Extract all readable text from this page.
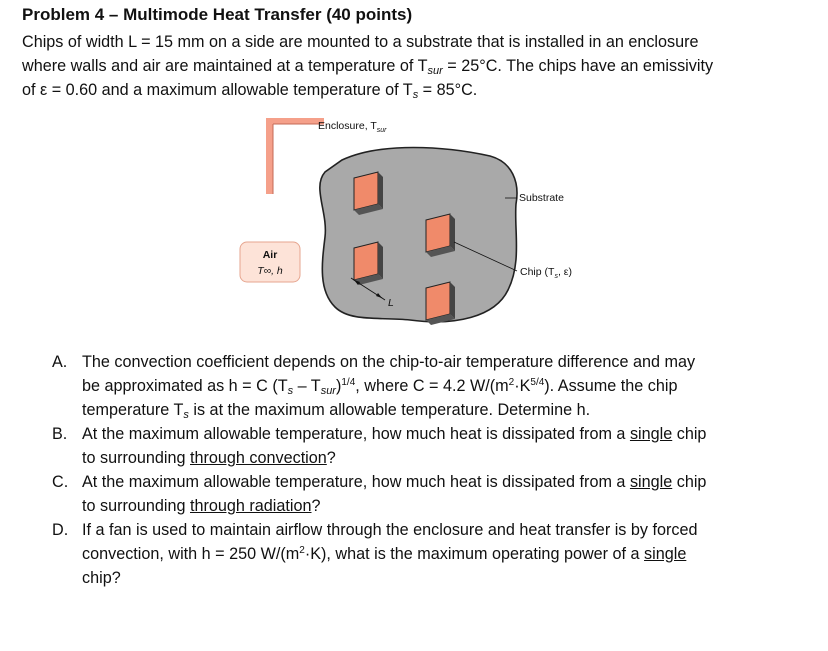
Problem 4 – Multimode Heat Transfer (40 points)
Chips of width L = 15 mm on a side are mounted to a substrate that is installed in an enclosure
where walls and air are maintained at a temperature of $T_{sur} = 25^\circ C$. The chips have an emissivity
of ε = 0.60 and a maximum allowable temperature of $T_s = 85^\circ C$.
Enclosure, $T_{sur}$
L
Substrate
Chip ($T_s$, ε)
Air
T∞, h
A. The convection coefficient depends on the chip-to-air temperature difference and may
be approximated as h = C $(T_s - T_{sur})^{1/4}$, where C = 4.2 $W/(m^2\cdot K^{5/4})$. Assume the chip
temperature $T_s$ is at the maximum allowable temperature. Determine h.
B. At the maximum allowable temperature, how much heat is dissipated from a single chip
to surrounding through convection?
C. At the maximum allowable temperature, how much heat is dissipated from a single chip
to surrounding through radiation?
D. If a fan is used to maintain airflow through the enclosure and heat transfer is by forced
convection, with h = 250 $W/(m^2\cdot K)$, what is the maximum operating power of a single
chip?
